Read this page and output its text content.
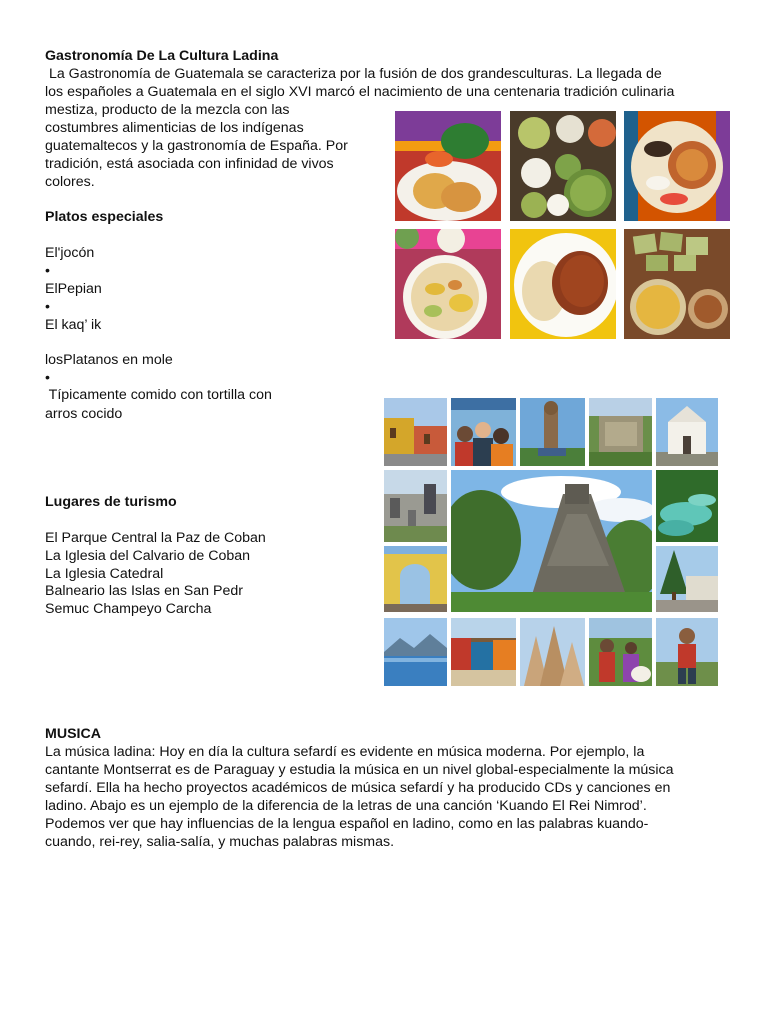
Gastronomía De La Cultura Ladina
La Gastronomía de Guatemala se caracteriza por la fusión de dos grandesculturas. La llegada de
los españoles a Guatemala en el siglo XVI marcó el nacimiento de una centenaria tradición culinaria
mestiza, producto de la mezcla con las
costumbres alimenticias de los indígenas
guatemaltecos y la gastronomía de España. Por
tradición, está asociada con infinidad de vivos
colores.
Platos especiales
El'jocón
•
ElPepian
•
El kaq’ ik
losPlatanos en mole
•
Típicamente comido con tortilla con
arros cocido
Lugares de turismo
El Parque Central la Paz de Coban
La Iglesia del Calvario de Coban
La Iglesia Catedral
Balneario las Islas en San Pedr
Semuc Champeyo Carcha
MUSICA
La música ladina: Hoy en día la cultura sefardí es evidente en música moderna. Por ejemplo, la
cantante Montserrat es de Paraguay y estudia la música en un nivel global-especialmente la música
sefardí. Ella ha hecho proyectos académicos de música sefardí y ha producido CDs y canciones en
ladino. Abajo es un ejemplo de la diferencia de la letras de una canción ‘Kuando El Rei Nimrod’.
Podemos ver que hay influencias de la lengua español en ladino, como en las palabras kuando-
cuando, rei-rey, salia-salía, y muchas palabras mismas.
